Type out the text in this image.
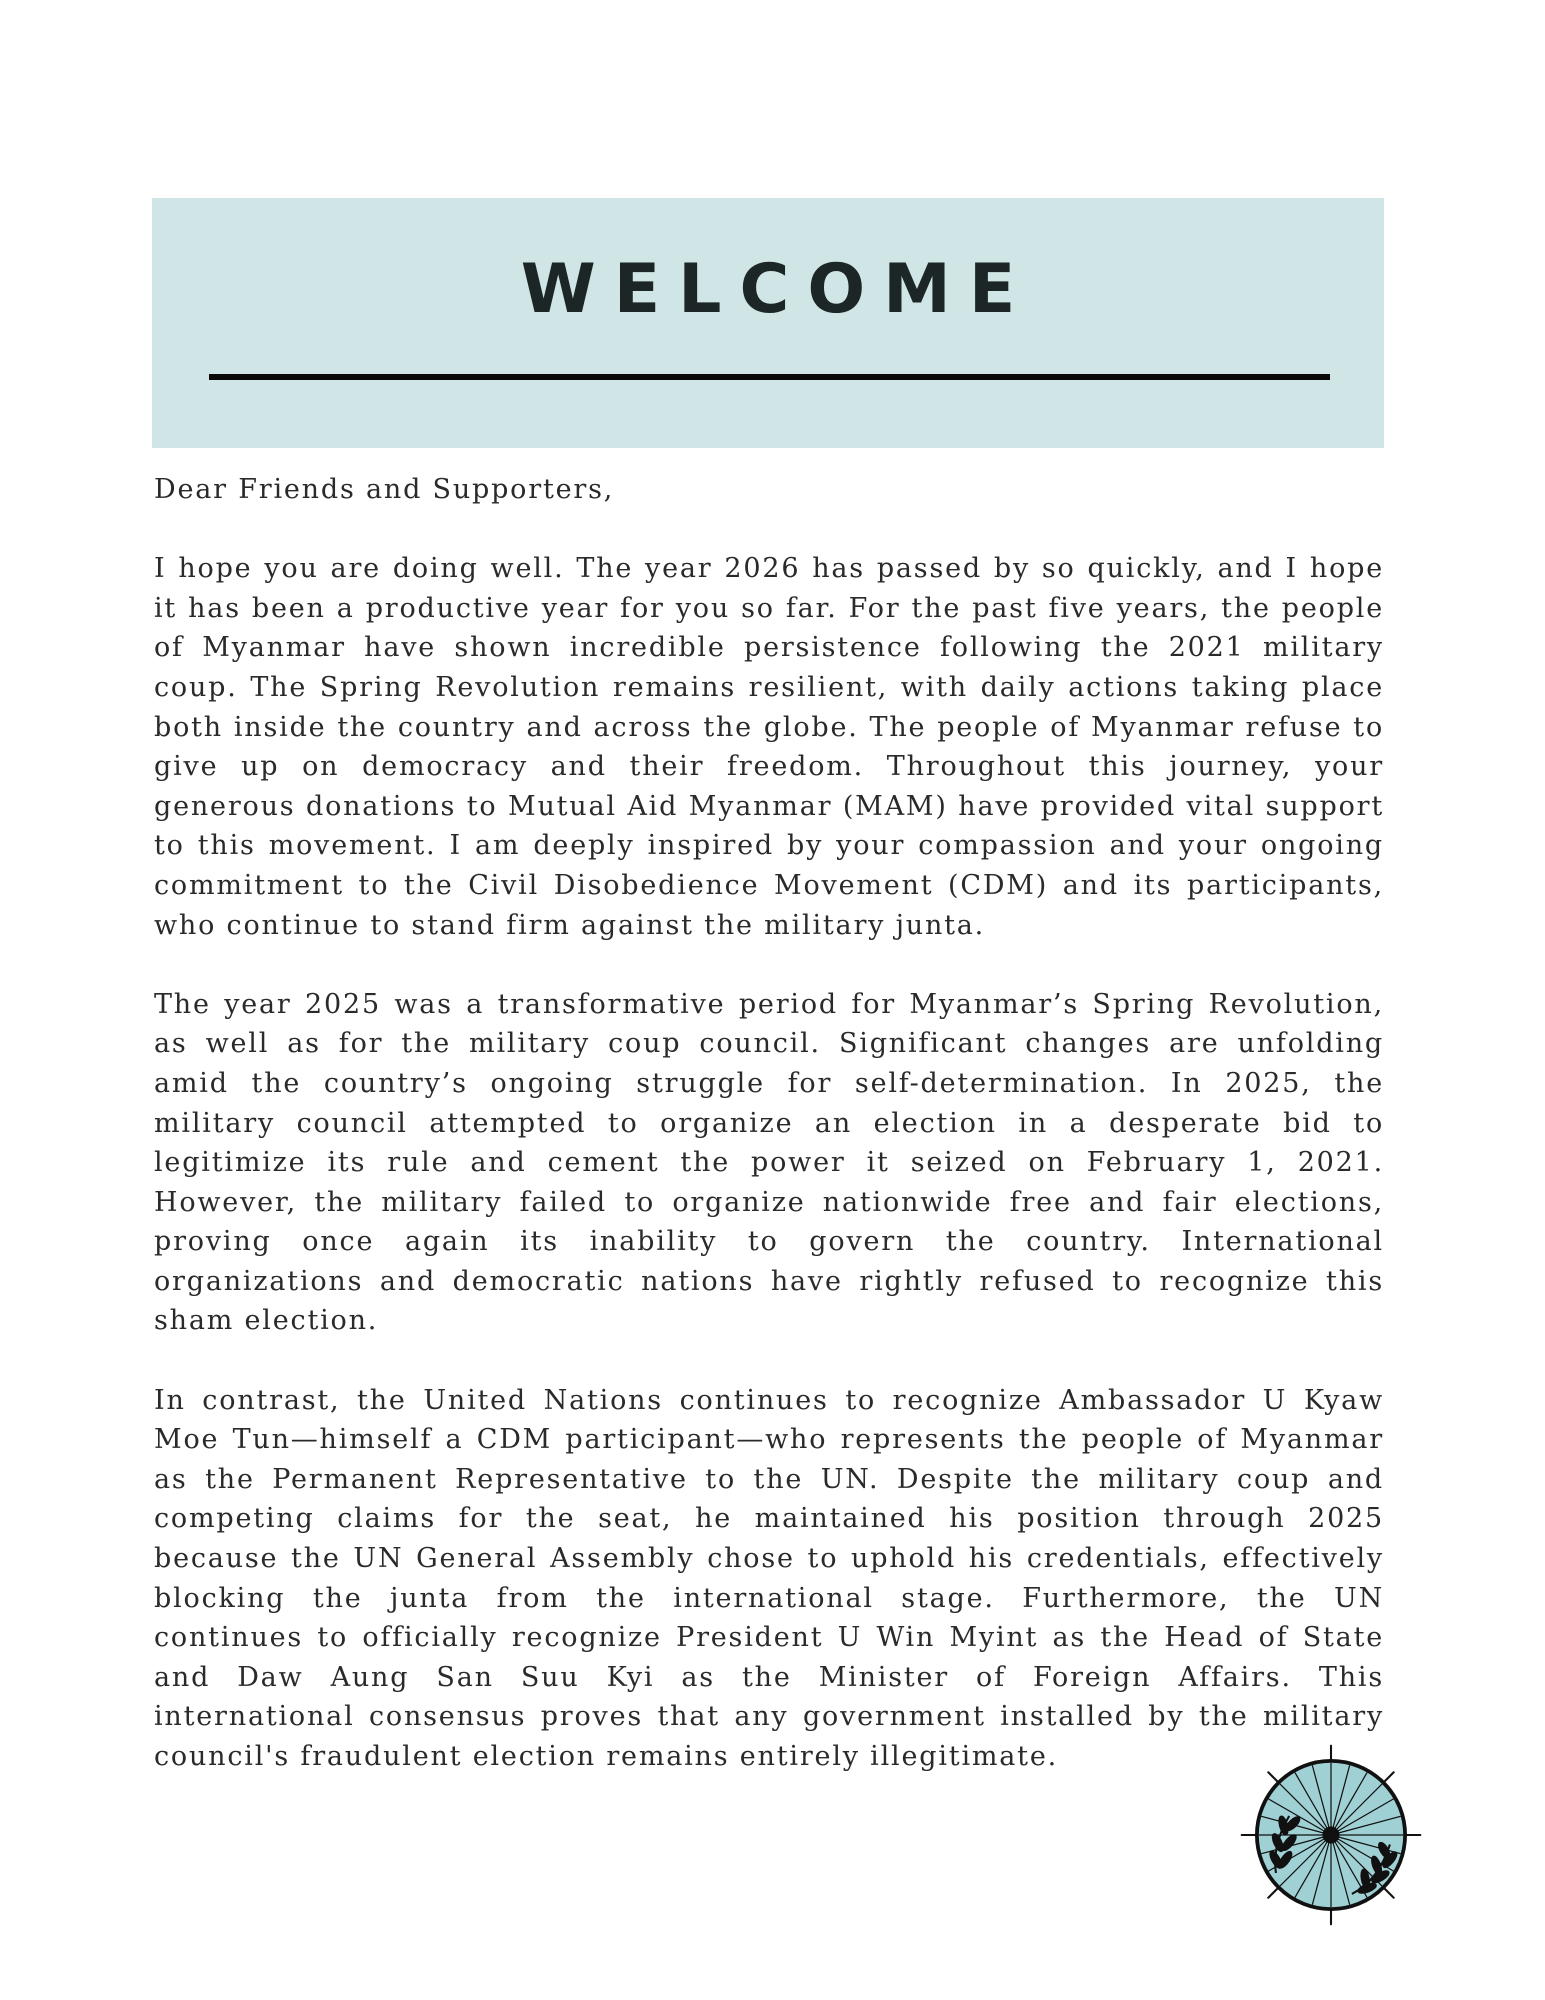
WELCOME

Dear Friends and Supporters,

I hope you are doing well. The year 2026 has passed by so quickly, and I hope it has been a productive year for you so far. For the past five years, the people of Myanmar have shown incredible persistence following the 2021 military coup. The Spring Revolution remains resilient, with daily actions taking place both inside the country and across the globe. The people of Myanmar refuse to give up on democracy and their freedom. Throughout this journey, your generous donations to Mutual Aid Myanmar (MAM) have provided vital support to this movement. I am deeply inspired by your compassion and your ongoing commitment to the Civil Disobedience Movement (CDM) and its participants, who continue to stand firm against the military junta.

The year 2025 was a transformative period for Myanmar’s Spring Revolution, as well as for the military coup council. Significant changes are unfolding amid the country’s ongoing struggle for self-determination. In 2025, the military council attempted to organize an election in a desperate bid to legitimize its rule and cement the power it seized on February 1, 2021. However, the military failed to organize nationwide free and fair elections, proving once again its inability to govern the country. International organizations and democratic nations have rightly refused to recognize this sham election.

In contrast, the United Nations continues to recognize Ambassador U Kyaw Moe Tun—himself a CDM participant—who represents the people of Myanmar as the Permanent Representative to the UN. Despite the military coup and competing claims for the seat, he maintained his position through 2025 because the UN General Assembly chose to uphold his credentials, effectively blocking the junta from the international stage. Furthermore, the UN continues to officially recognize President U Win Myint as the Head of State and Daw Aung San Suu Kyi as the Minister of Foreign Affairs. This international consensus proves that any government installed by the military council's fraudulent election remains entirely illegitimate.
